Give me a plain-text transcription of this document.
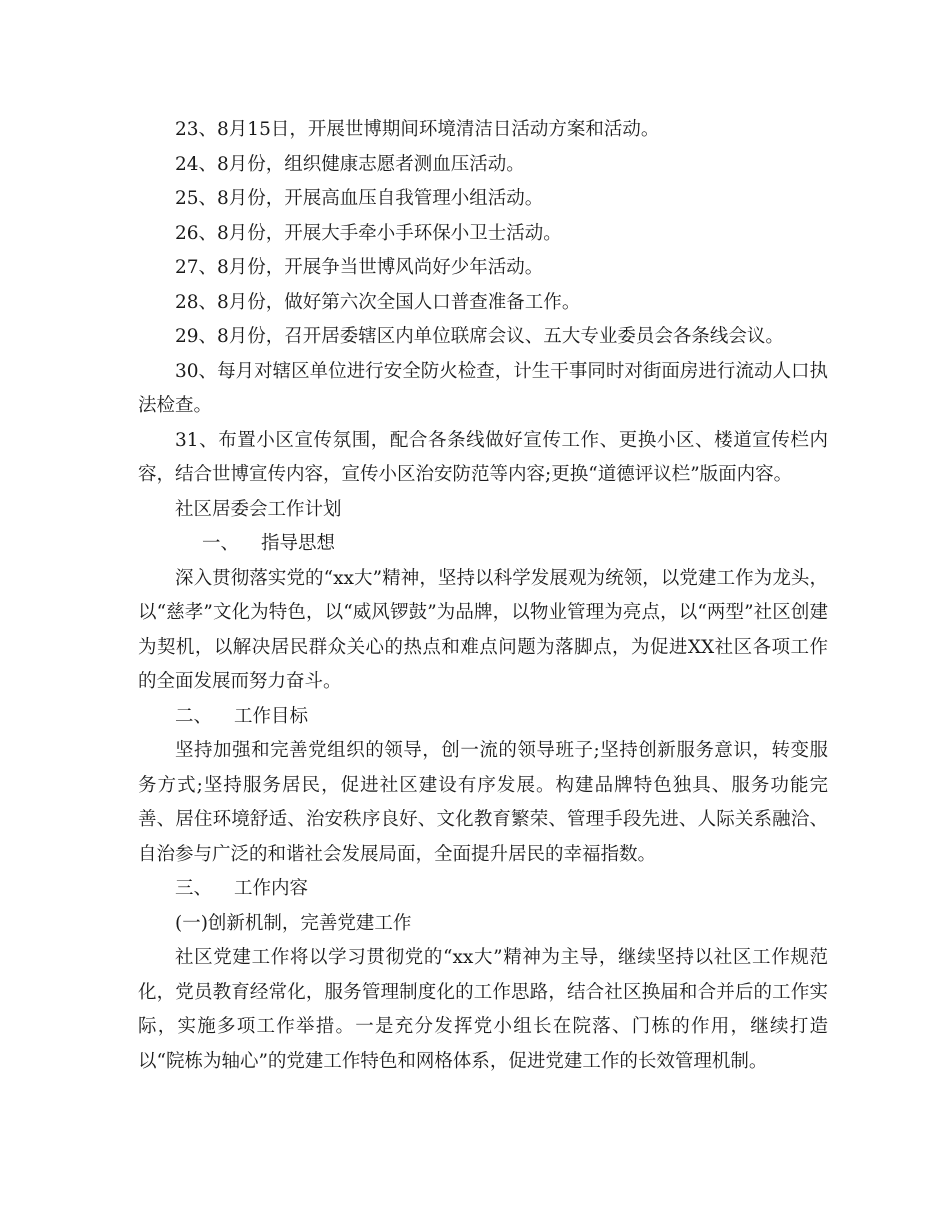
23、8月15日，开展世博期间环境清洁日活动方案和活动。

24、8月份，组织健康志愿者测血压活动。

25、8月份，开展高血压自我管理小组活动。

26、8月份，开展大手牵小手环保小卫士活动。

27、8月份，开展争当世博风尚好少年活动。

28、8月份，做好第六次全国人口普查准备工作。

29、8月份，召开居委辖区内单位联席会议、五大专业委员会各条线会议。

30、每月对辖区单位进行安全防火检查，计生干事同时对街面房进行流动人口执法检查。

31、布置小区宣传氛围，配合各条线做好宣传工作、更换小区、楼道宣传栏内容，结合世博宣传内容，宣传小区治安防范等内容;更换“道德评议栏”版面内容。

社区居委会工作计划

一、 指导思想

深入贯彻落实党的“xx大”精神，坚持以科学发展观为统领，以党建工作为龙头，以“慈孝”文化为特色，以“威风锣鼓”为品牌，以物业管理为亮点，以“两型”社区创建为契机，以解决居民群众关心的热点和难点问题为落脚点，为促进XX社区各项工作的全面发展而努力奋斗。

二、 工作目标

坚持加强和完善党组织的领导，创一流的领导班子;坚持创新服务意识，转变服务方式;坚持服务居民，促进社区建设有序发展。构建品牌特色独具、服务功能完善、居住环境舒适、治安秩序良好、文化教育繁荣、管理手段先进、人际关系融洽、自治参与广泛的和谐社会发展局面，全面提升居民的幸福指数。

三、 工作内容

(一)创新机制，完善党建工作

社区党建工作将以学习贯彻党的“xx大”精神为主导，继续坚持以社区工作规范化，党员教育经常化，服务管理制度化的工作思路，结合社区换届和合并后的工作实际，实施多项工作举措。一是充分发挥党小组长在院落、门栋的作用，继续打造以“院栋为轴心”的党建工作特色和网格体系，促进党建工作的长效管理机制。
